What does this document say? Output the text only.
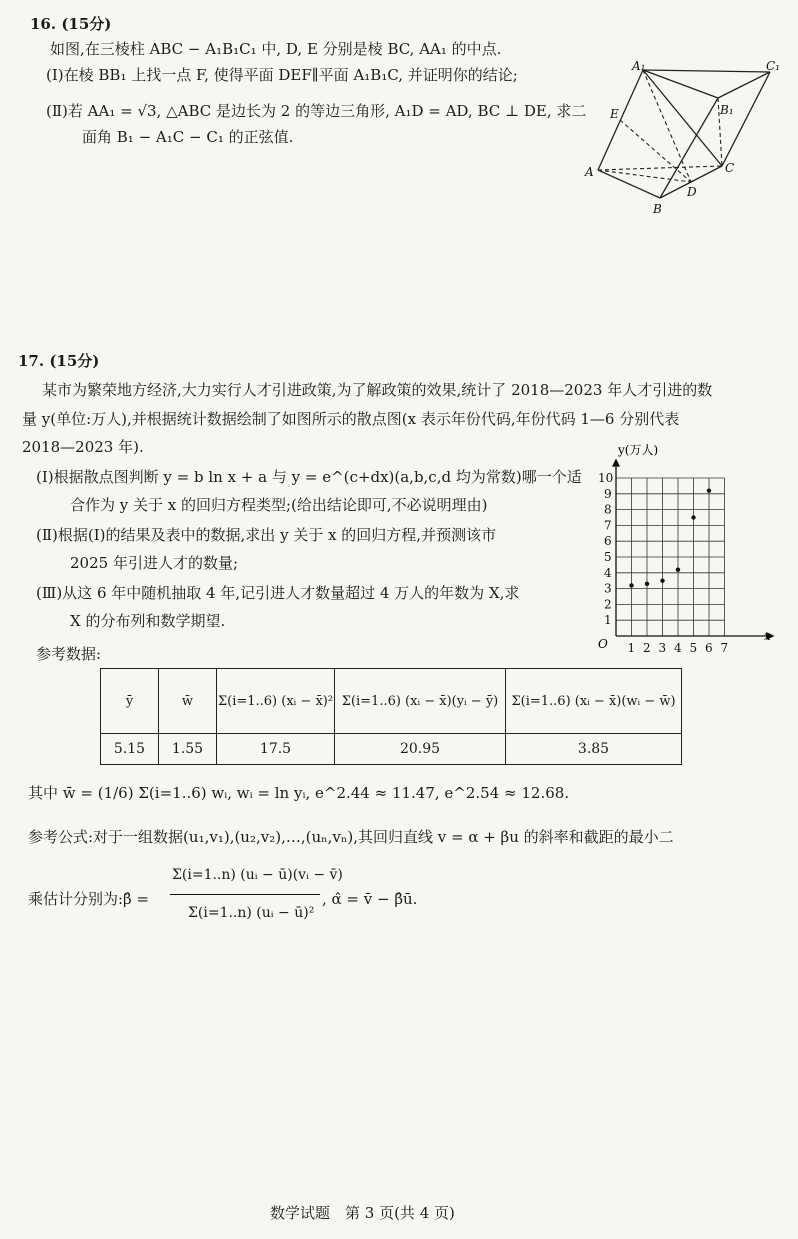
16. (15分)
如图,在三棱柱 ABC − A₁B₁C₁ 中, D, E 分别是棱 BC, AA₁ 的中点.
(Ⅰ)在棱 BB₁ 上找一点 F, 使得平面 DEF∥平面 A₁B₁C, 并证明你的结论;
(Ⅱ)若 AA₁ = √3, △ABC 是边长为 2 的等边三角形, A₁D = AD, BC ⊥ DE, 求二
面角 B₁ − A₁C − C₁ 的正弦值.
A₁	C₁
B₁
E
A	C
D
B
17. (15分)
某市为繁荣地方经济,大力实行人才引进政策,为了解政策的效果,统计了 2018—2023 年人才引进的数
量 y(单位:万人),并根据统计数据绘制了如图所示的散点图(x 表示年份代码,年份代码 1—6 分别代表
2018—2023 年).
(Ⅰ)根据散点图判断 y = b ln x + a 与 y = e^(c+dx)(a,b,c,d 均为常数)哪一个适
合作为 y 关于 x 的回归方程类型;(给出结论即可,不必说明理由)
(Ⅱ)根据(Ⅰ)的结果及表中的数据,求出 y 关于 x 的回归方程,并预测该市
2025 年引进人才的数量;
(Ⅲ)从这 6 年中随机抽取 4 年,记引进人才数量超过 4 万人的年数为 X,求
X 的分布列和数学期望.
参考数据:	1 2 3 4 5 6 7
1
2
3
4
5
6
7
8
9
10
y(万人)
x
O
ȳ	w̄	Σ(i=1..6) (xᵢ − x̄)²	Σ(i=1..6) (xᵢ − x̄)(yᵢ − ȳ)	Σ(i=1..6) (xᵢ − x̄)(wᵢ − w̄)
5.15	1.55	17.5	20.95	3.85
其中 w̄ = (1/6) Σ(i=1..6) wᵢ, wᵢ = ln yᵢ, e^2.44 ≈ 11.47, e^2.54 ≈ 12.68.
参考公式:对于一组数据(u₁,v₁),(u₂,v₂),…,(uₙ,vₙ),其回归直线 v = α + βu 的斜率和截距的最小二
乘估计分别为:β̂ =
Σ(i=1..n) (uᵢ − ū)(vᵢ − v̄)
Σ(i=1..n) (uᵢ − ū)²
, α̂ = v̄ − β̂ū.
数学试题　第 3 页(共 4 页)
